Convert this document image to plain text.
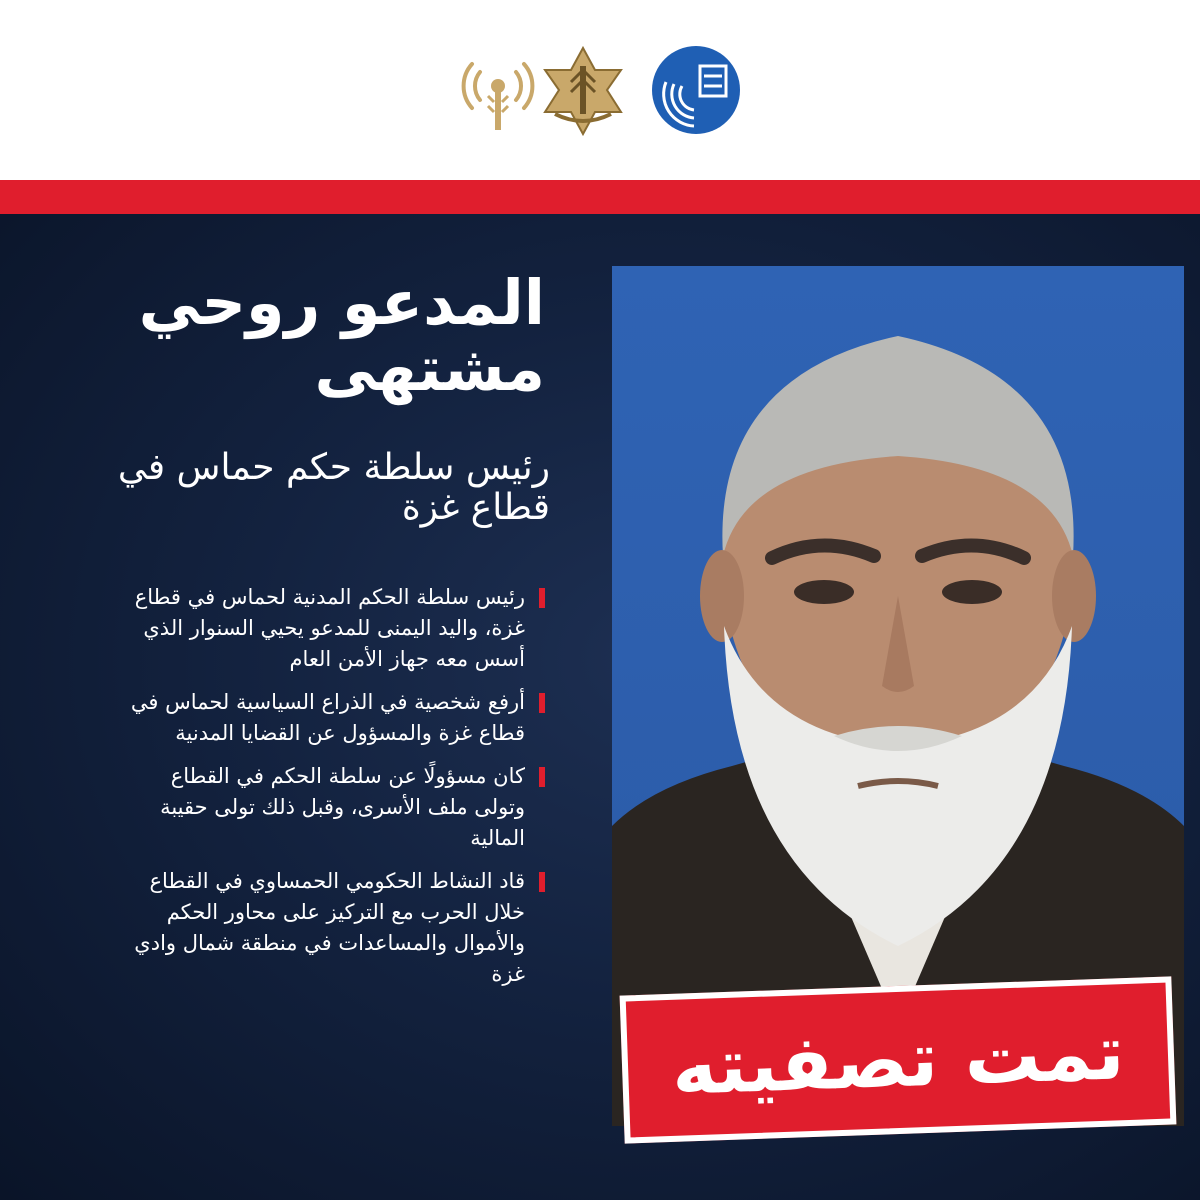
المدعو روحي مشتهى

رئيس سلطة حكم حماس في قطاع غزة

رئيس سلطة الحكم المدنية لحماس في قطاع غزة، واليد اليمنى للمدعو يحيي السنوار الذي أسس معه جهاز الأمن العام
أرفع شخصية في الذراع السياسية لحماس في قطاع غزة والمسؤول عن القضايا المدنية
كان مسؤولًا عن سلطة الحكم في القطاع وتولى ملف الأسرى، وقبل ذلك تولى حقيبة المالية
قاد النشاط الحكومي الحمساوي في القطاع خلال الحرب مع التركيز على محاور الحكم والأموال والمساعدات في منطقة شمال وادي غزة
تمت تصفيته
